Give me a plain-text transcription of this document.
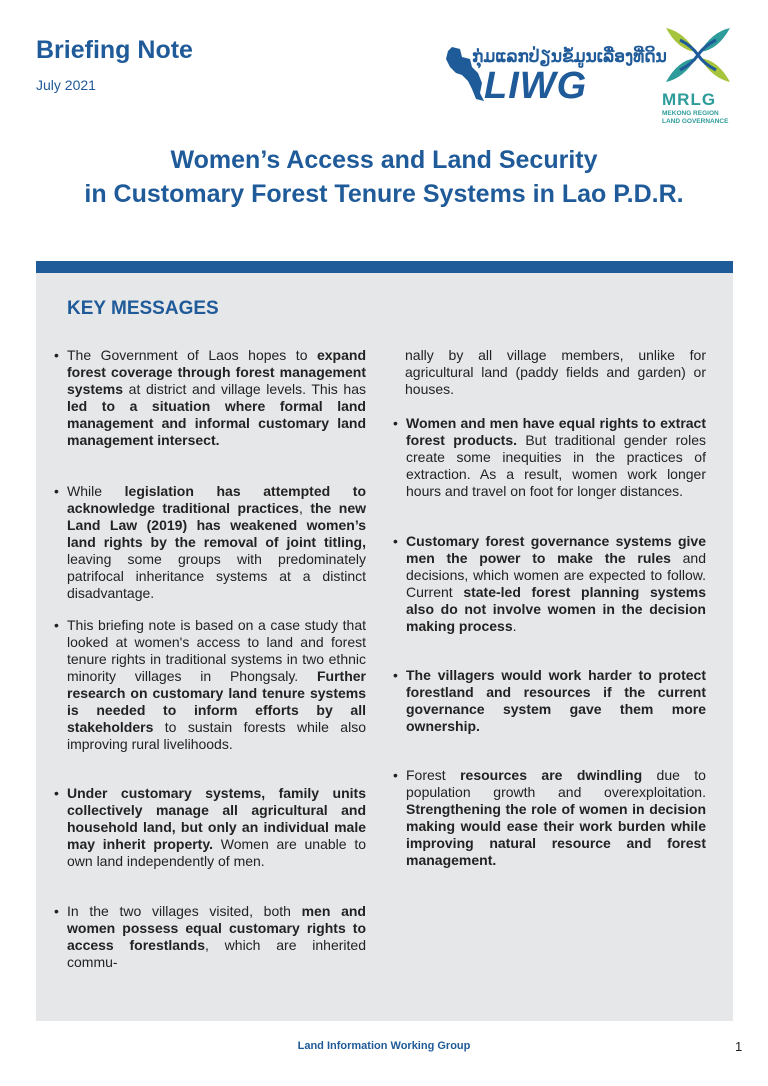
Briefing Note
July 2021
ກຸ່ມແລກປ່ຽນຂໍ້ມູນເລື່ອງທີ່ດິນ
LIWG	MRLG
MEKONG REGION
LAND GOVERNANCE
Women’s Access and Land Security
in Customary Forest Tenure Systems in Lao P.D.R.
KEY MESSAGES
• The Government of Laos hopes to expand forest coverage through forest management systems at district and village levels. This has led to a situation where formal land management and informal customary land management intersect.
• While legislation has attempted to acknowledge traditional practices, the new Land Law (2019) has weakened women’s land rights by the removal of joint titling, leaving some groups with predominately patrifocal inheritance systems at a distinct disadvantage.
• This briefing note is based on a case study that looked at women's access to land and forest tenure rights in traditional systems in two ethnic minority villages in Phongsaly. Further research on customary land tenure systems is needed to inform efforts by all stakeholders to sustain forests while also improving rural livelihoods.
• Under customary systems, family units collectively manage all agricultural and household land, but only an individual male may inherit property. Women are unable to own land independently of men.
• In the two villages visited, both men and women possess equal customary rights to access forestlands, which are inherited commu-
nally by all village members, unlike for agricultural land (paddy fields and garden) or houses.
• Women and men have equal rights to extract forest products. But traditional gender roles create some inequities in the practices of extraction. As a result, women work longer hours and travel on foot for longer distances.
• Customary forest governance systems give men the power to make the rules and decisions, which women are expected to follow. Current state-led forest planning systems also do not involve women in the decision making process.
• The villagers would work harder to protect forestland and resources if the current governance system gave them more ownership.
• Forest resources are dwindling due to population growth and overexploitation. Strengthening the role of women in decision making would ease their work burden while improving natural resource and forest management.
Land Information Working Group	1
